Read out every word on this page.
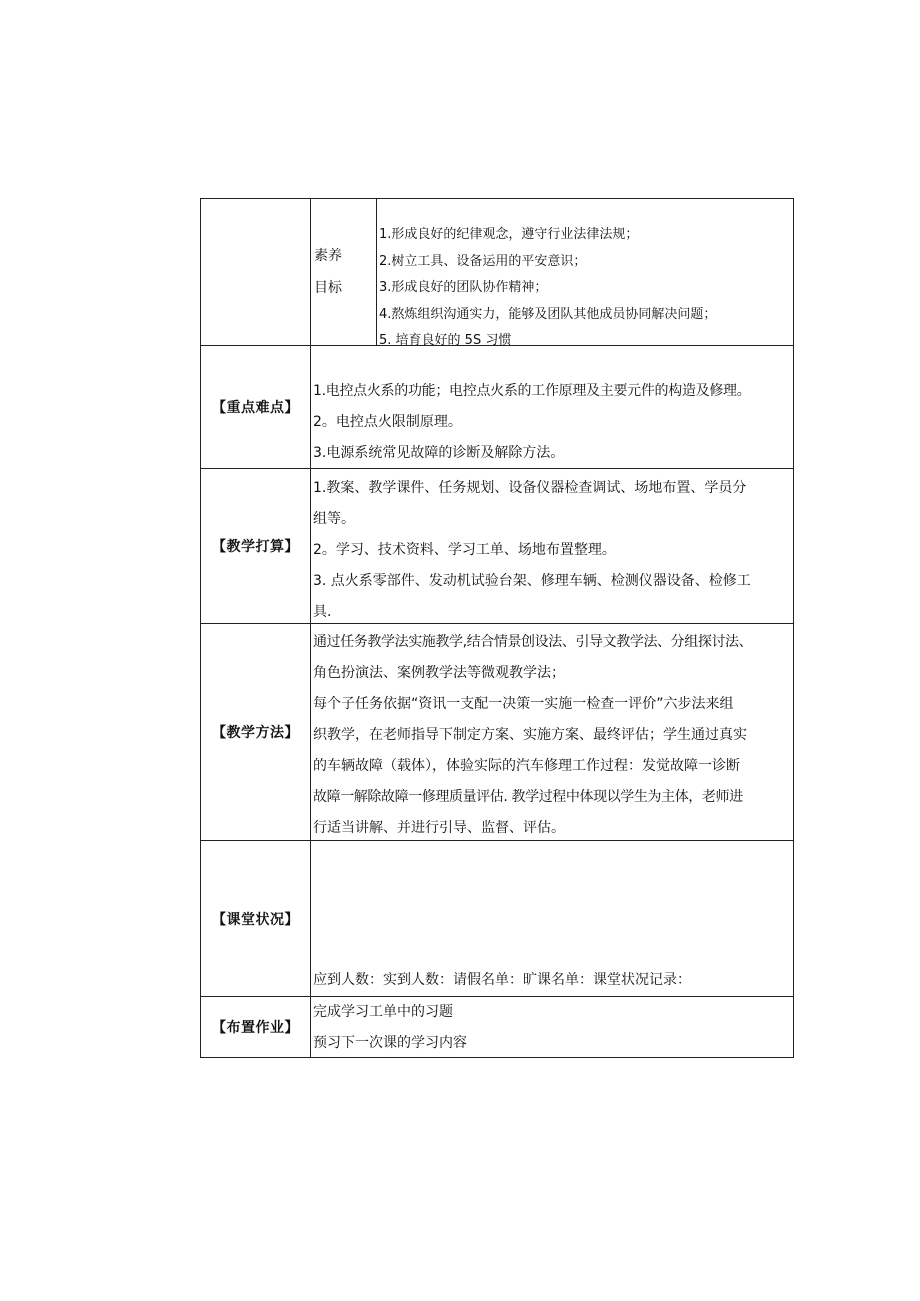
素养
目标

1.形成良好的纪律观念，遵守行业法律法规；

2.树立工具、设备运用的平安意识；

3.形成良好的团队协作精神；

4.熬炼组织沟通实力，能够及团队其他成员协同解决问题；

5. 培育良好的 5S 习惯

【重点难点】

1.电控点火系的功能；电控点火系的工作原理及主要元件的构造及修理。

2。电控点火限制原理。

3.电源系统常见故障的诊断及解除方法。

【教学打算】

1.教案、教学课件、任务规划、设备仪器检查调试、场地布置、学员分

组等。

2。学习、技术资料、学习工单、场地布置整理。

3. 点火系零部件、发动机试验台架、修理车辆、检测仪器设备、检修工

具.

【教学方法】

通过任务教学法实施教学,结合情景创设法、引导文教学法、分组探讨法、

角色扮演法、案例教学法等微观教学法；

每个子任务依据“资讯一支配一决策一实施一检查一评价”六步法来组

织教学，在老师指导下制定方案、实施方案、最终评估；学生通过真实

的车辆故障（载体），体验实际的汽车修理工作过程：发觉故障一诊断

故障一解除故障一修理质量评估. 教学过程中体现以学生为主体，老师进

行适当讲解、并进行引导、监督、评估。

【课堂状况】

应到人数：实到人数：请假名单：旷课名单：课堂状况记录：

【布置作业】

完成学习工单中的习题

预习下一次课的学习内容
